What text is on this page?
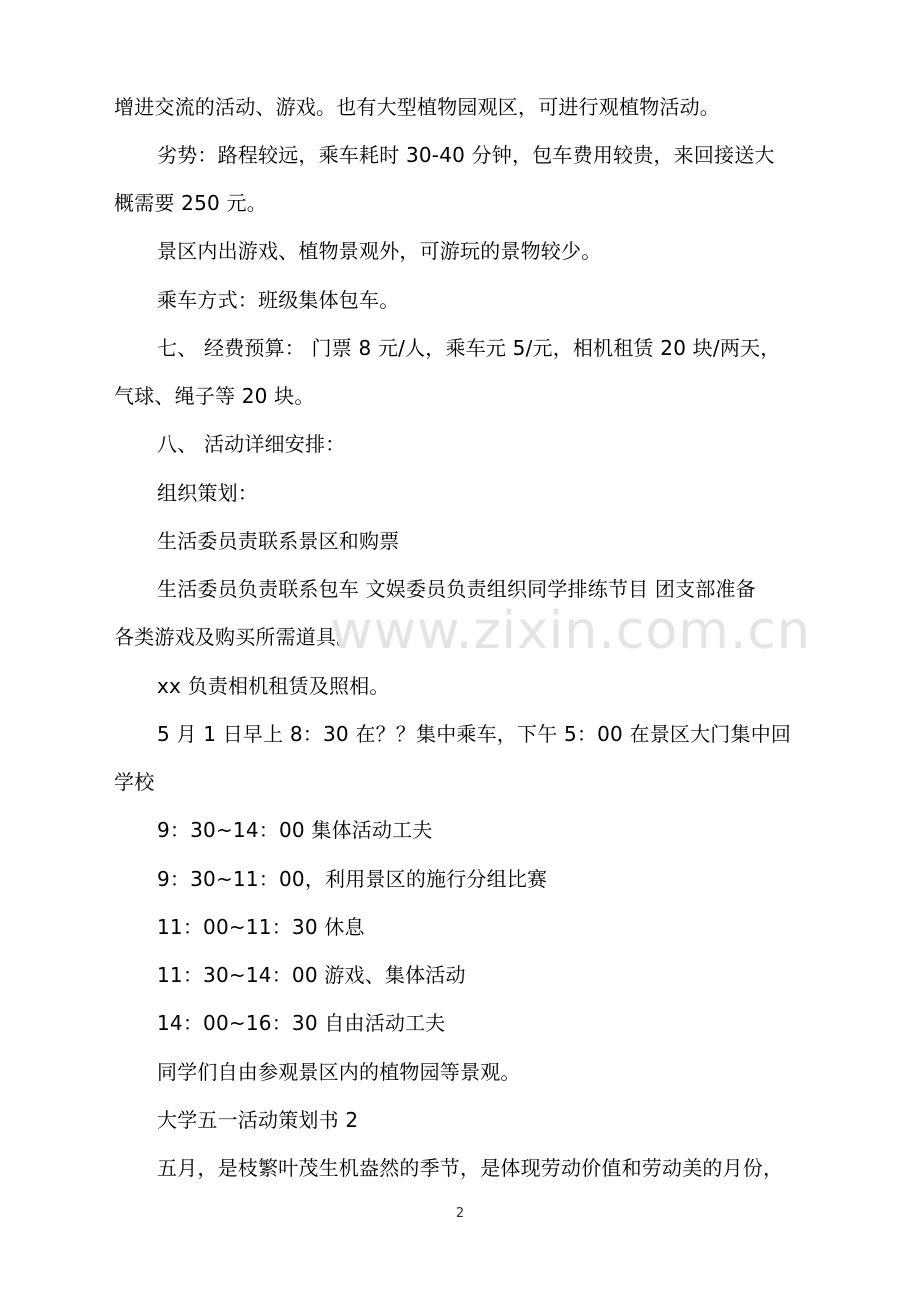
增进交流的活动、游戏。也有大型植物园观区，可进行观植物活动。
劣势：路程较远，乘车耗时 30-40 分钟，包车费用较贵，来回接送大
概需要 250 元。
景区内出游戏、植物景观外，可游玩的景物较少。
乘车方式：班级集体包车。
七、 经费预算： 门票 8 元/人，乘车元 5/元，相机租赁 20 块/两天，
气球、绳子等 20 块。
八、 活动详细安排：
组织策划：
生活委员责联系景区和购票
生活委员负责联系包车 文娱委员负责组织同学排练节目 团支部准备
各类游戏及购买所需道具。
xx 负责相机租赁及照相。
5 月 1 日早上 8：30 在？？集中乘车，下午 5：00 在景区大门集中回
学校
9：30~14：00 集体活动工夫
9：30~11：00，利用景区的施行分组比赛
11：00~11：30 休息
11：30~14：00 游戏、集体活动
14：00~16：30 自由活动工夫
同学们自由参观景区内的植物园等景观。
大学五一活动策划书 2
五月，是枝繁叶茂生机盎然的季节，是体现劳动价值和劳动美的月份，
www.zixin.com.cn
2
